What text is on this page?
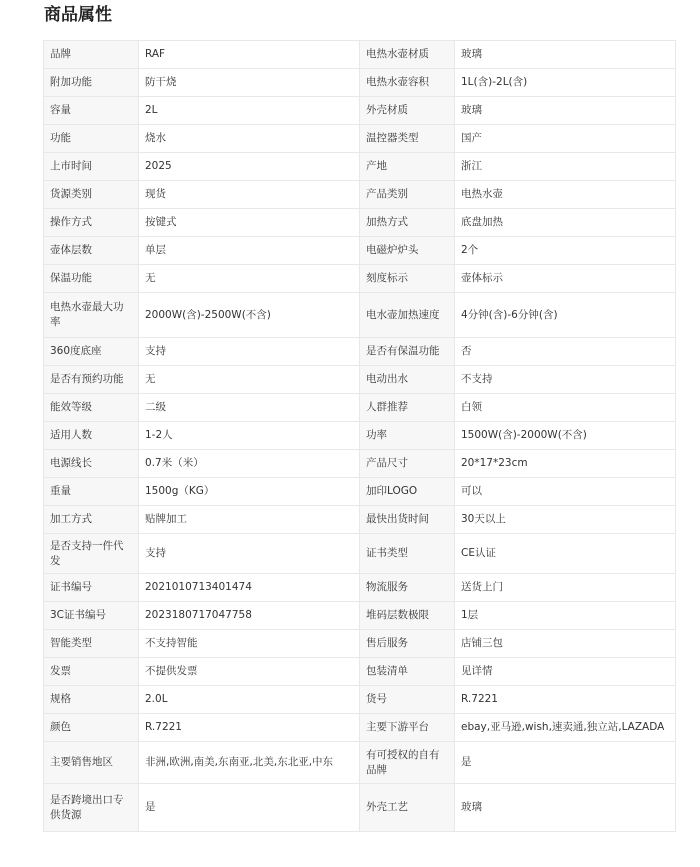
商品属性
品牌	RAF	电热水壶材质	玻璃
附加功能	防干烧	电热水壶容积	1L(含)-2L(含)
容量	2L	外壳材质	玻璃
功能	烧水	温控器类型	国产
上市时间	2025	产地	浙江
货源类别	现货	产品类别	电热水壶
操作方式	按键式	加热方式	底盘加热
壶体层数	单层	电磁炉炉头	2个
保温功能	无	刻度标示	壶体标示
电热水壶最大功率	2000W(含)-2500W(不含)	电水壶加热速度	4分钟(含)-6分钟(含)
360度底座	支持	是否有保温功能	否
是否有预约功能	无	电动出水	不支持
能效等级	二级	人群推荐	白领
适用人数	1-2人	功率	1500W(含)-2000W(不含)
电源线长	0.7米（米）	产品尺寸	20*17*23cm
重量	1500g（KG）	加印LOGO	可以
加工方式	贴牌加工	最快出货时间	30天以上
是否支持一件代发	支持	证书类型	CE认证
证书编号	2021010713401474	物流服务	送货上门
3C证书编号	2023180717047758	堆码层数极限	1层
智能类型	不支持智能	售后服务	店铺三包
发票	不提供发票	包装清单	见详情
规格	2.0L	货号	R.7221
颜色	R.7221	主要下游平台	ebay,亚马逊,wish,速卖通,独立站,LAZADA
主要销售地区	非洲,欧洲,南美,东南亚,北美,东北亚,中东	有可授权的自有品牌	是
是否跨境出口专供货源	是	外壳工艺	玻璃
